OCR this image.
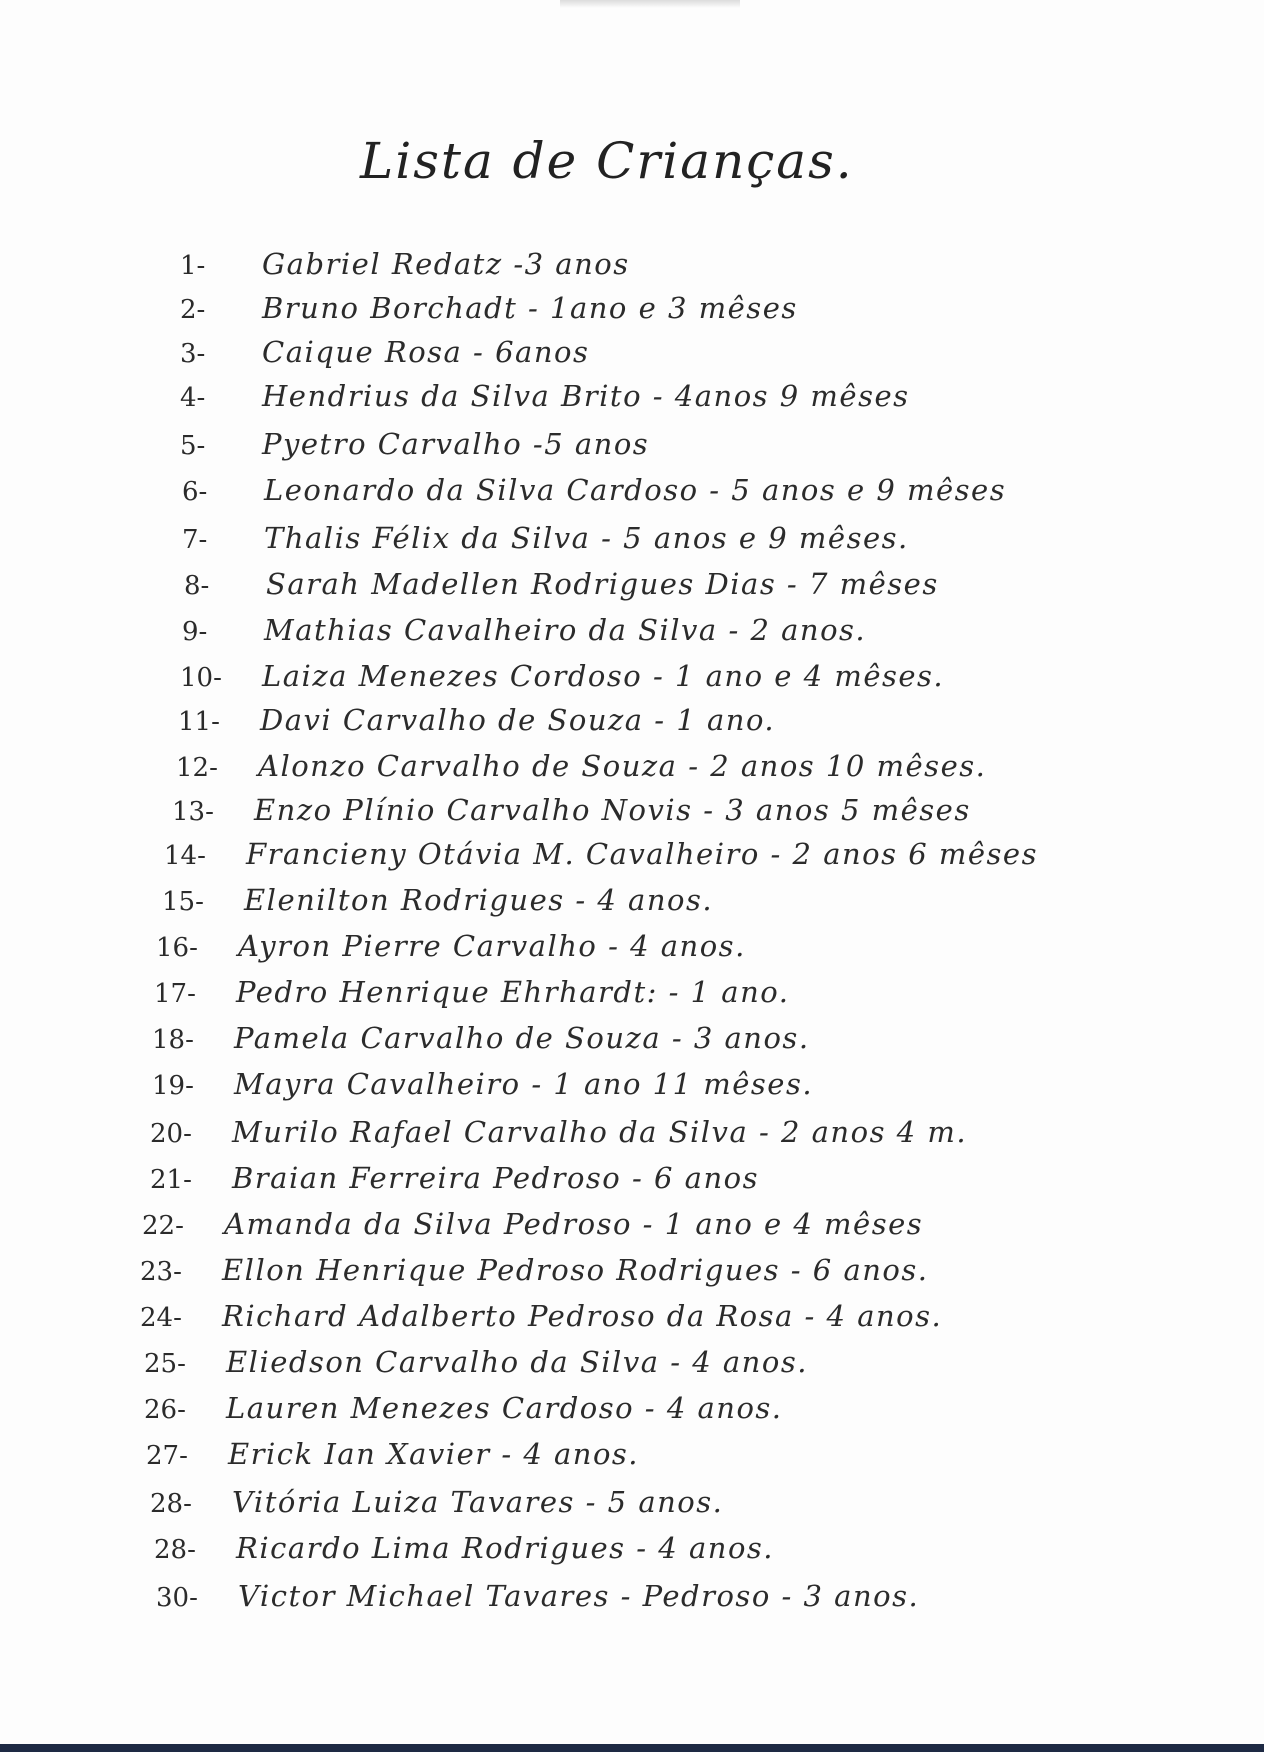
Lista de Crianças.
1- Gabriel Redatz -3 anos
2- Bruno Borchadt - 1ano e 3 mêses
3- Caique Rosa - 6anos
4- Hendrius da Silva Brito - 4anos 9 mêses
5- Pyetro Carvalho -5 anos
6- Leonardo da Silva Cardoso - 5 anos e 9 mêses
7- Thalis Félix da Silva - 5 anos e 9 mêses.
8- Sarah Madellen Rodrigues Dias - 7 mêses
9- Mathias Cavalheiro da Silva - 2 anos.
10- Laiza Menezes Cordoso - 1 ano e 4 mêses.
11- Davi Carvalho de Souza - 1 ano.
12- Alonzo Carvalho de Souza - 2 anos 10 mêses.
13- Enzo Plínio Carvalho Novis - 3 anos 5 mêses
14- Francieny Otávia M. Cavalheiro - 2 anos 6 mêses
15- Elenilton Rodrigues - 4 anos.
16- Ayron Pierre Carvalho - 4 anos.
17- Pedro Henrique Ehrhardt: - 1 ano.
18- Pamela Carvalho de Souza - 3 anos.
19- Mayra Cavalheiro - 1 ano 11 mêses.
20- Murilo Rafael Carvalho da Silva - 2 anos 4 m.
21- Braian Ferreira Pedroso - 6 anos
22- Amanda da Silva Pedroso - 1 ano e 4 mêses
23- Ellon Henrique Pedroso Rodrigues - 6 anos.
24- Richard Adalberto Pedroso da Rosa - 4 anos.
25- Eliedson Carvalho da Silva - 4 anos.
26- Lauren Menezes Cardoso - 4 anos.
27- Erick Ian Xavier - 4 anos.
28- Vitória Luiza Tavares - 5 anos.
28- Ricardo Lima Rodrigues - 4 anos.
30- Victor Michael Tavares - Pedroso - 3 anos.
